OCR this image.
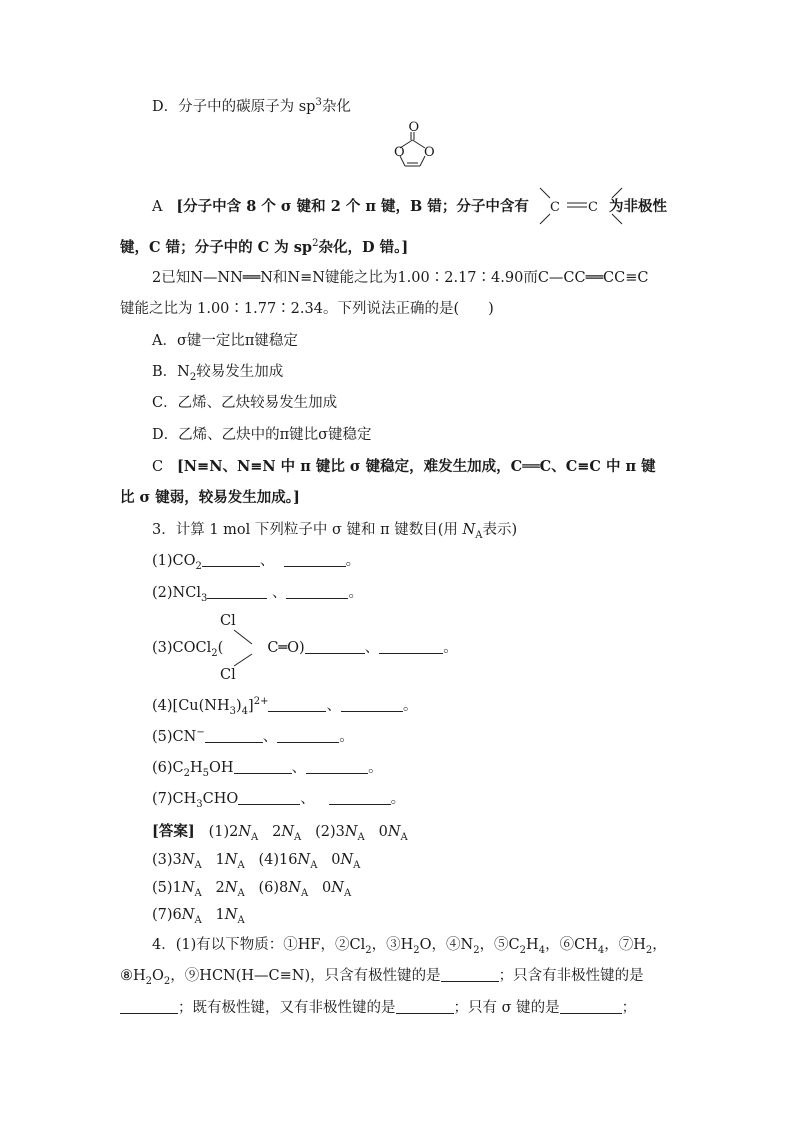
D．分子中的碳原子为 $sp^3$杂化
O
O O
A [分子中含 8 个 σ 键和 2 个 π 键，B 错；分子中含有 C C 为非极性
键，C 错；分子中的 C 为 $sp^2$杂化，D 错。]
2已知N—NN══N和N≡N键能之比为1.00∶2.17∶4.90而C—CC══CC≡C
键能之比为 1.00∶1.77∶2.34。下列说法正确的是(　　)
A．σ键一定比π键稳定
B．$N_2$较易发生加成
C．乙烯、乙炔较易发生加成
D．乙烯、乙炔中的π键比σ键稳定
C [N≡N、N≡N 中 π 键比 σ 键稳定，难发生加成，C══C、C≡C 中 π 键
比 σ 键弱，较易发生加成。]
3．计算 1 mol 下列粒子中 σ 键和 π 键数目(用 $N_A$表示)
$(1)CO_2$	、	。
(2)NCl$_3$	、	。
Cl
(3)COCl$_2$(	C═O)	、	。
Cl
$(4)[Cu(NH_3)_4]^{2+}$	、	。
(5)CN−	、	。
$(6)C_2H_5OH$	、	。
$(7)CH_3CHO$	、	。
[答案] $(1)2N_A$ $2N_A$ $(2)3N_A$ $0N_A$
$(3)3N_A$ $1N_A$ $(4)16N_A$ $0N_A$
$(5)1N_A$ $2N_A$ $(6)8N_A$ $0N_A$
$(7)6N_A$ $1N_A$
4．(1)有以下物质：①HF，$②Cl_2$，$③H_2O$，$④N_2$，$⑤C_2H_4$，$⑥CH_4$，$⑦H_2$，
$⑧H_2O_2$，⑨HCN(H—C≡N)，只含有极性键的是	；只含有非极性键的是
；既有极性键，又有非极性键的是	；只有 σ 键的是	；
